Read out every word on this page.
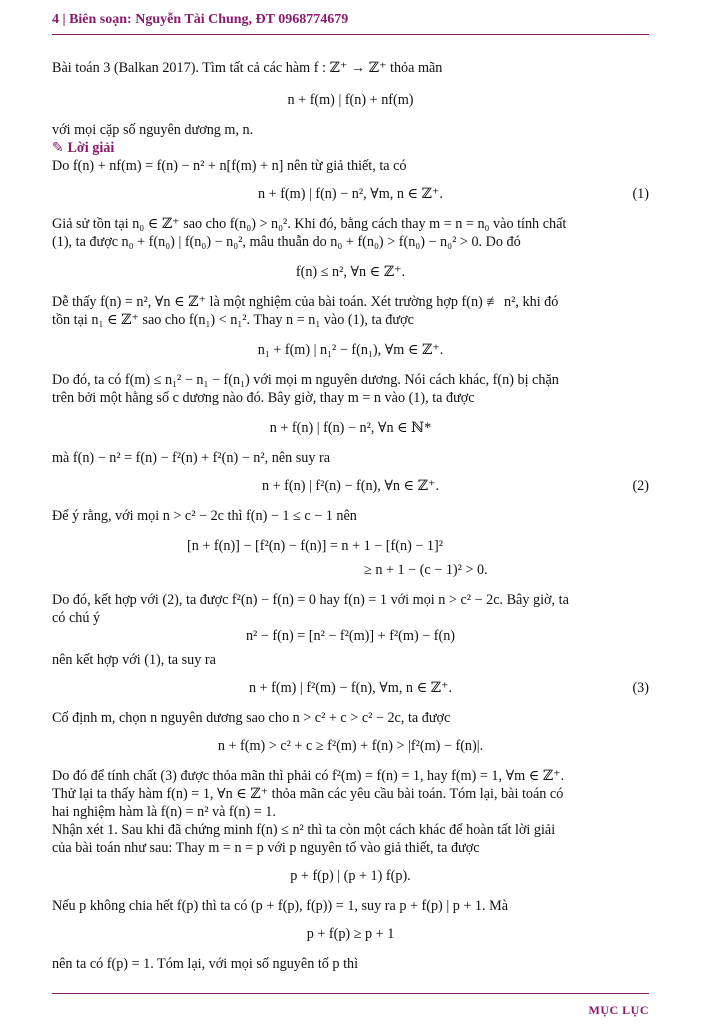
4 | Biên soạn: Nguyễn Tài Chung, ĐT 0968774679
Bài toán 3 (Balkan 2017). Tìm tất cả các hàm f : ℤ⁺ → ℤ⁺ thỏa mãn
n + f(m) | f(n) + nf(m)
với mọi cặp số nguyên dương m, n.
✎ Lời giải
Do f(n) + nf(m) = f(n) − n² + n[f(m) + n] nên từ giả thiết, ta có
n + f(m) | f(n) − n², ∀m, n ∈ ℤ⁺.	(1)
Giả sử tồn tại n₀ ∈ ℤ⁺ sao cho f(n₀) > n₀². Khi đó, bằng cách thay m = n = n₀ vào tính chất
(1), ta được n₀ + f(n₀) | f(n₀) − n₀², mâu thuẫn do n₀ + f(n₀) > f(n₀) − n₀² > 0. Do đó
f(n) ≤ n², ∀n ∈ ℤ⁺.
Dễ thấy f(n) = n², ∀n ∈ ℤ⁺ là một nghiệm của bài toán. Xét trường hợp f(n) ≢ n², khi đó
tồn tại n₁ ∈ ℤ⁺ sao cho f(n₁) < n₁². Thay n = n₁ vào (1), ta được
n₁ + f(m) | n₁² − f(n₁), ∀m ∈ ℤ⁺.
Do đó, ta có f(m) ≤ n₁² − n₁ − f(n₁) với mọi m nguyên dương. Nói cách khác, f(n) bị chặn
trên bởi một hằng số c dương nào đó. Bây giờ, thay m = n vào (1), ta được
n + f(n) | f(n) − n², ∀n ∈ ℕ*
mà f(n) − n² = f(n) − f²(n) + f²(n) − n², nên suy ra
n + f(n) | f²(n) − f(n), ∀n ∈ ℤ⁺.	(2)
Để ý rằng, với mọi n > c² − 2c thì f(n) − 1 ≤ c − 1 nên
[n + f(n)] − [f²(n) − f(n)] = n + 1 − [f(n) − 1]²
≥ n + 1 − (c − 1)² > 0.
Do đó, kết hợp với (2), ta được f²(n) − f(n) = 0 hay f(n) = 1 với mọi n > c² − 2c. Bây giờ, ta
có chú ý
n² − f(n) = [n² − f²(m)] + f²(m) − f(n)
nên kết hợp với (1), ta suy ra
n + f(m) | f²(m) − f(n), ∀m, n ∈ ℤ⁺.	(3)
Cố định m, chọn n nguyên dương sao cho n > c² + c > c² − 2c, ta được
n + f(m) > c² + c ≥ f²(m) + f(n) > |f²(m) − f(n)|.
Do đó để tính chất (3) được thỏa mãn thì phải có f²(m) = f(n) = 1, hay f(m) = 1, ∀m ∈ ℤ⁺.
Thử lại ta thấy hàm f(n) = 1, ∀n ∈ ℤ⁺ thỏa mãn các yêu cầu bài toán. Tóm lại, bài toán có
hai nghiệm hàm là f(n) = n² và f(n) = 1.
Nhận xét 1. Sau khi đã chứng minh f(n) ≤ n² thì ta còn một cách khác để hoàn tất lời giải
của bài toán như sau: Thay m = n = p với p nguyên tố vào giả thiết, ta được
p + f(p) | (p + 1) f(p).
Nếu p không chia hết f(p) thì ta có (p + f(p), f(p)) = 1, suy ra p + f(p) | p + 1. Mà
p + f(p) ≥ p + 1
nên ta có f(p) = 1. Tóm lại, với mọi số nguyên tố p thì
MỤC LỤC
